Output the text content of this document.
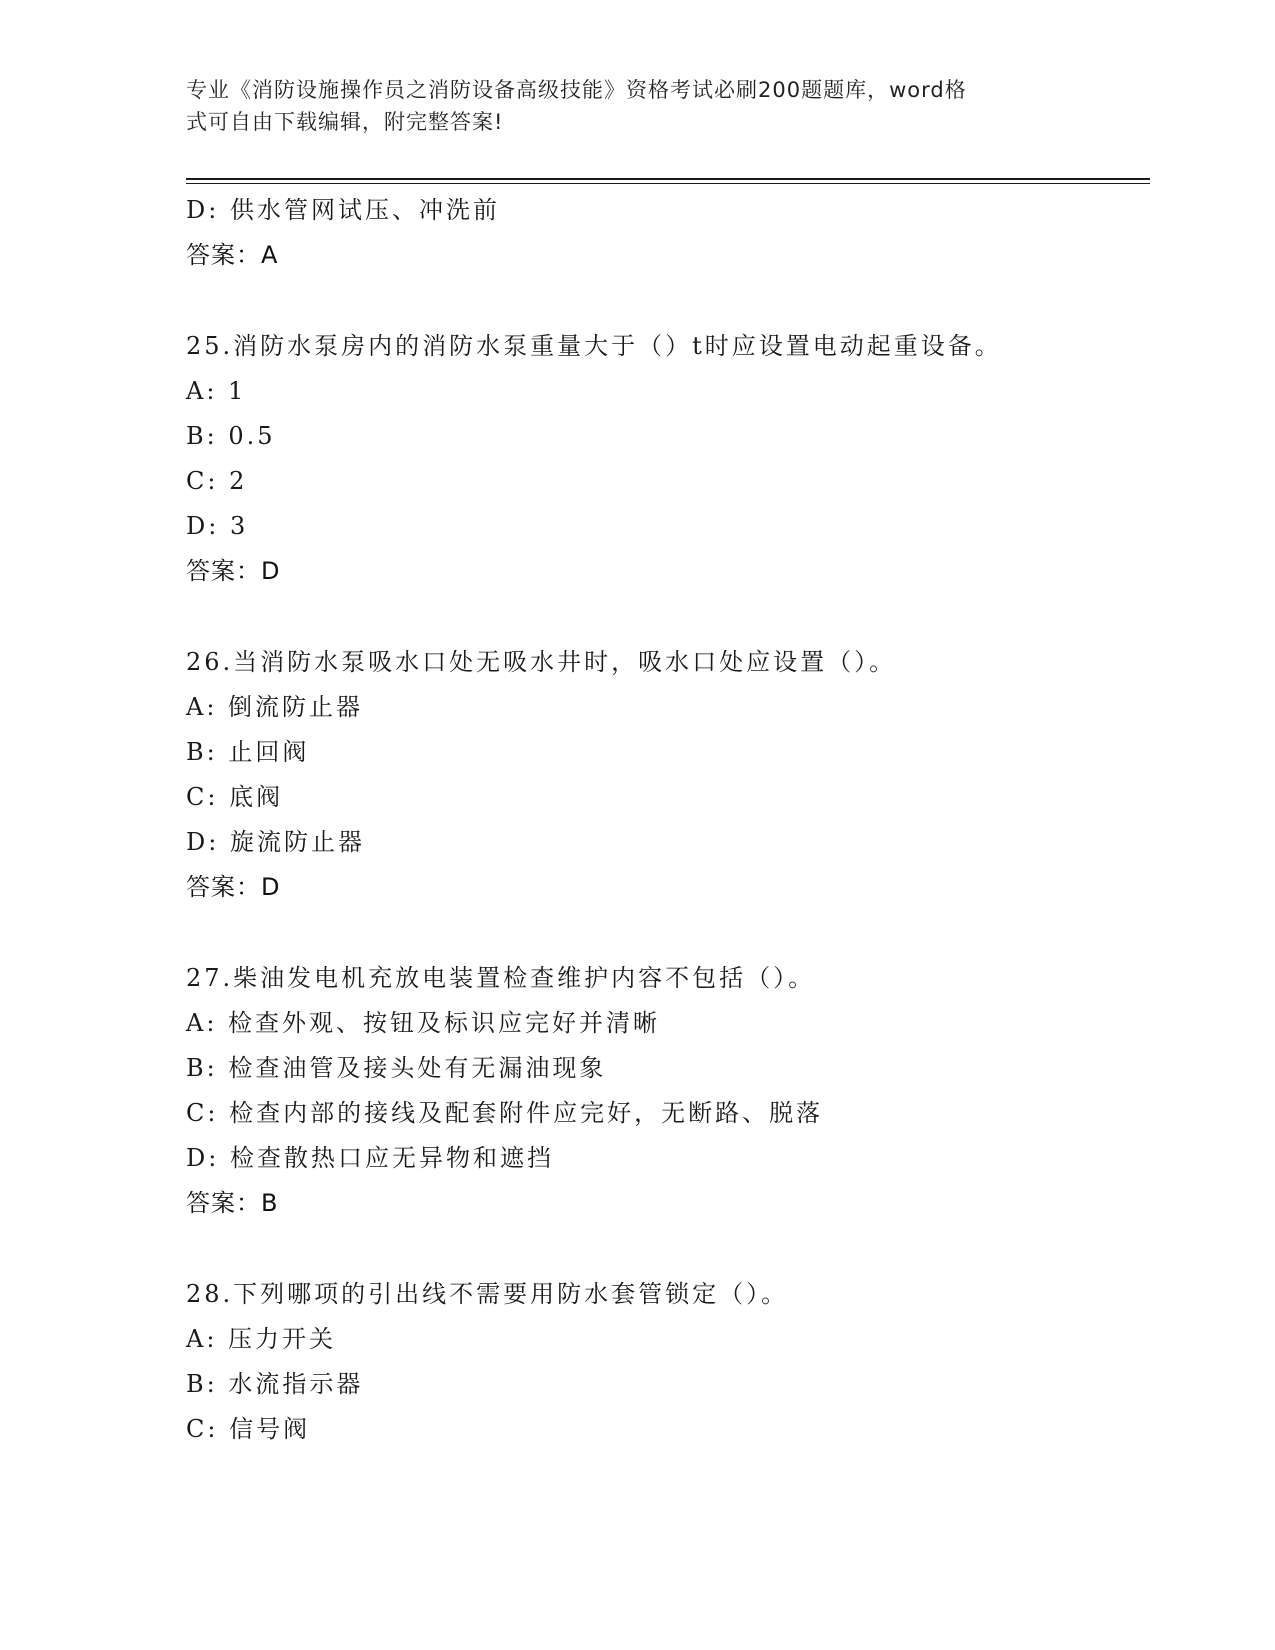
专业《消防设施操作员之消防设备高级技能》资格考试必刷200题题库，word格
式可自由下载编辑，附完整答案!
D: 供水管网试压、冲洗前
答案：A
25.消防水泵房内的消防水泵重量大于（）t时应设置电动起重设备。
A: 1
B: 0.5
C: 2
D: 3
答案：D
26.当消防水泵吸水口处无吸水井时，吸水口处应设置（）。
A: 倒流防止器
B: 止回阀
C: 底阀
D: 旋流防止器
答案：D
27.柴油发电机充放电装置检查维护内容不包括（）。
A: 检查外观、按钮及标识应完好并清晰
B: 检查油管及接头处有无漏油现象
C: 检查内部的接线及配套附件应完好，无断路、脱落
D: 检查散热口应无异物和遮挡
答案：B
28.下列哪项的引出线不需要用防水套管锁定（）。
A: 压力开关
B: 水流指示器
C: 信号阀
